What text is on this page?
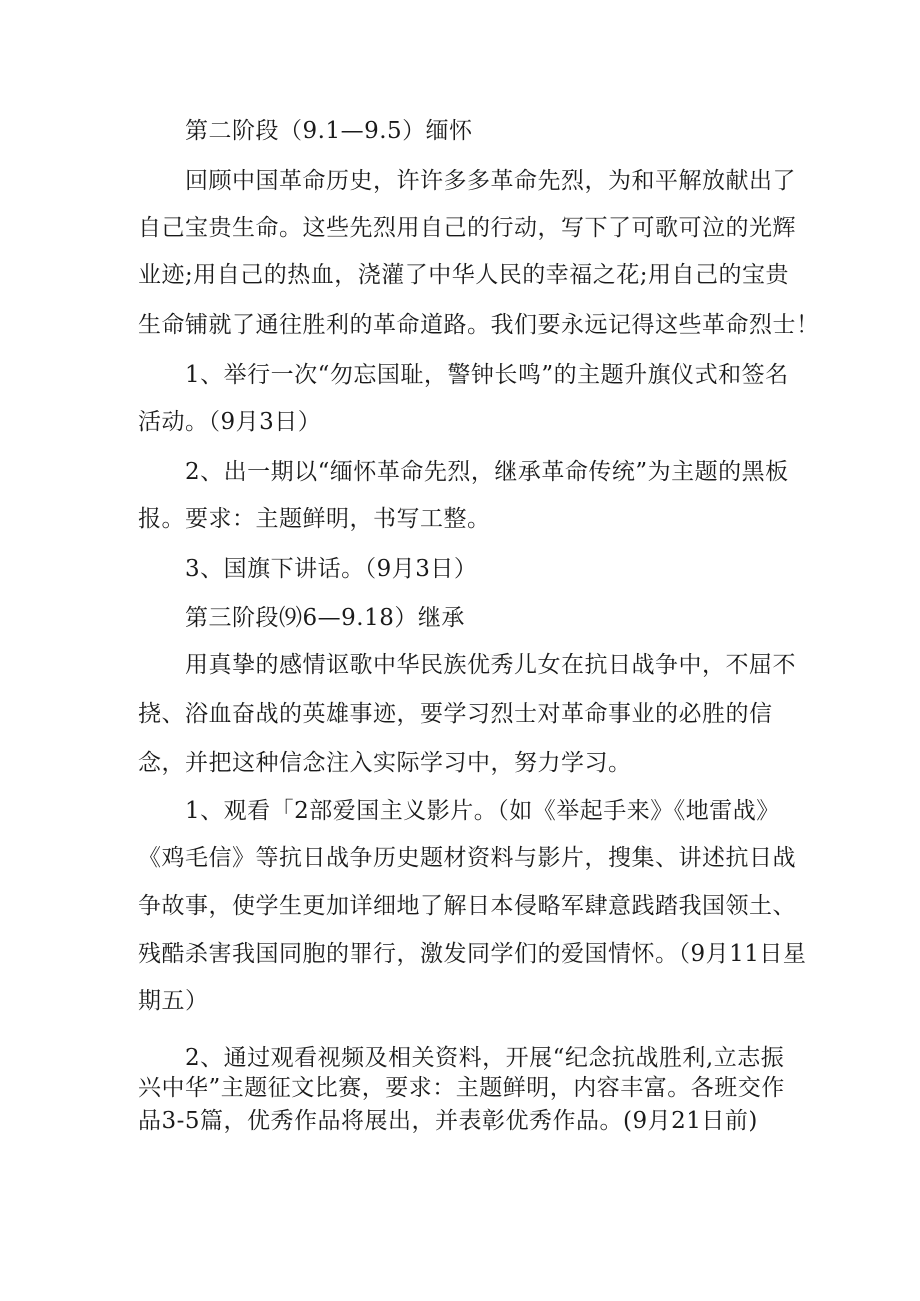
第二阶段（9.1—9.5）缅怀
回顾中国革命历史，许许多多革命先烈，为和平解放献出了
自己宝贵生命。这些先烈用自己的行动，写下了可歌可泣的光辉
业迹;用自己的热血，浇灌了中华人民的幸福之花;用自己的宝贵
生命铺就了通往胜利的革命道路。我们要永远记得这些革命烈士！
1、举行一次“勿忘国耻，警钟长鸣”的主题升旗仪式和签名
活动。（9月3日）
2、出一期以“缅怀革命先烈，继承革命传统”为主题的黑板
报。要求：主题鲜明，书写工整。
3、国旗下讲话。（9月3日）
第三阶段⑼6—9.18）继承
用真挚的感情讴歌中华民族优秀儿女在抗日战争中，不屈不
挠、浴血奋战的英雄事迹，要学习烈士对革命事业的必胜的信
念，并把这种信念注入实际学习中，努力学习。
1、观看「2部爱国主义影片。（如《举起手来》《地雷战》
《鸡毛信》等抗日战争历史题材资料与影片，搜集、讲述抗日战
争故事，使学生更加详细地了解日本侵略军肆意践踏我国领土、
残酷杀害我国同胞的罪行，激发同学们的爱国情怀。（9月11日星
期五）
2、通过观看视频及相关资料，开展“纪念抗战胜利,立志振
兴中华”主题征文比赛，要求：主题鲜明，内容丰富。各班交作
品3-5篇，优秀作品将展出，并表彰优秀作品。(9月21日前)
